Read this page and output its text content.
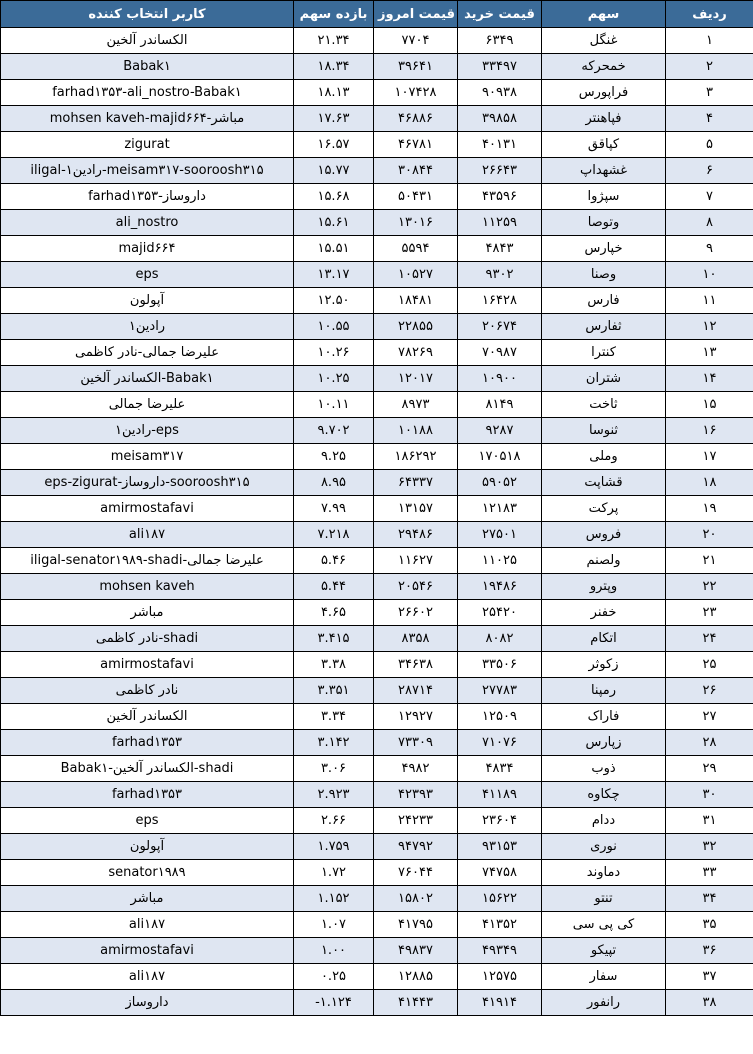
کاربر انتخاب کننده	بازده سهم	قیمت امروز	قیمت خرید	سهم	ردیف
الکساندر آلخین	۲۱.۳۴	۷۷۰۴	۶۳۴۹	غنگل	۱
Babak۱	۱۸.۳۴	۳۹۶۴۱	۳۳۴۹۷	خمحرکه	۲
farhad۱۳۵۳-ali_nostro-Babak۱	۱۸.۱۳	۱۰۷۴۲۸	۹۰۹۳۸	فراپورس	۳
mohsen kaveh-majid۶۶۴-مباشر	۱۷.۶۳	۴۶۸۸۶	۳۹۸۵۸	فپاهنتر	۴
zigurat	۱۶.۵۷	۴۶۷۸۱	۴۰۱۳۱	کپاقق	۵
iligal-رادین۱-meisam۳۱۷-sooroosh۳۱۵	۱۵.۷۷	۳۰۸۴۴	۲۶۶۴۳	غشهداپ	۶
farhad۱۳۵۳-داروساز	۱۵.۶۸	۵۰۴۳۱	۴۳۵۹۶	سپژوا	۷
ali_nostro	۱۵.۶۱	۱۳۰۱۶	۱۱۲۵۹	وتوصا	۸
majid۶۶۴	۱۵.۵۱	۵۵۹۴	۴۸۴۳	خپارس	۹
eps	۱۳.۱۷	۱۰۵۲۷	۹۳۰۲	وصنا	۱۰
آپولون	۱۲.۵۰	۱۸۴۸۱	۱۶۴۲۸	فارس	۱۱
رادین۱	۱۰.۵۵	۲۲۸۵۵	۲۰۶۷۴	ثفارس	۱۲
علیرضا جمالی-نادر کاظمی	۱۰.۲۶	۷۸۲۶۹	۷۰۹۸۷	کنترا	۱۳
الکساندر آلخین-Babak۱	۱۰.۲۵	۱۲۰۱۷	۱۰۹۰۰	شتران	۱۴
علیرضا جمالی	۱۰.۱۱	۸۹۷۳	۸۱۴۹	ثاخت	۱۵
رادین۱-eps	۹.۷۰۲	۱۰۱۸۸	۹۲۸۷	ثنوسا	۱۶
meisam۳۱۷	۹.۲۵	۱۸۶۲۹۲	۱۷۰۵۱۸	وملی	۱۷
eps-zigurat-داروساز-sooroosh۳۱۵	۸.۹۵	۶۴۳۳۷	۵۹۰۵۲	قشاپت	۱۸
amirmostafavi	۷.۹۹	۱۳۱۵۷	۱۲۱۸۳	پرکت	۱۹
ali۱۸۷	۷.۲۱۸	۲۹۴۸۶	۲۷۵۰۱	فروس	۲۰
iligal-senator۱۹۸۹-shadi-علیرضا جمالی	۵.۴۶	۱۱۶۲۷	۱۱۰۲۵	ولصنم	۲۱
mohsen kaveh	۵.۴۴	۲۰۵۴۶	۱۹۴۸۶	وپترو	۲۲
مباشر	۴.۶۵	۲۶۶۰۲	۲۵۴۲۰	خفنر	۲۳
نادر کاظمی-shadi	۳.۴۱۵	۸۳۵۸	۸۰۸۲	اتکام	۲۴
amirmostafavi	۳.۳۸	۳۴۶۳۸	۳۳۵۰۶	زکوثر	۲۵
نادر کاظمی	۳.۳۵۱	۲۸۷۱۴	۲۷۷۸۳	رمپنا	۲۶
الکساندر آلخین	۳.۳۴	۱۲۹۲۷	۱۲۵۰۹	فاراک	۲۷
farhad۱۳۵۳	۳.۱۴۲	۷۳۳۰۹	۷۱۰۷۶	زپارس	۲۸
Babak۱-الکساندر آلخین-shadi	۳.۰۶	۴۹۸۲	۴۸۳۴	ذوب	۲۹
farhad۱۳۵۳	۲.۹۲۳	۴۲۳۹۳	۴۱۱۸۹	چکاوه	۳۰
eps	۲.۶۶	۲۴۲۳۳	۲۳۶۰۴	ددام	۳۱
آپولون	۱.۷۵۹	۹۴۷۹۲	۹۳۱۵۳	نوری	۳۲
senator۱۹۸۹	۱.۷۲	۷۶۰۴۴	۷۴۷۵۸	دماوند	۳۳
مباشر	۱.۱۵۲	۱۵۸۰۲	۱۵۶۲۲	تنتو	۳۴
ali۱۸۷	۱.۰۷	۴۱۷۹۵	۴۱۳۵۲	کی پی سی	۳۵
amirmostafavi	۱.۰۰	۴۹۸۳۷	۴۹۳۴۹	تپیکو	۳۶
ali۱۸۷	۰.۲۵	۱۲۸۸۵	۱۲۵۷۵	سفار	۳۷
داروساز	-۱.۱۲۴	۴۱۴۴۳	۴۱۹۱۴	رانفور	۳۸
